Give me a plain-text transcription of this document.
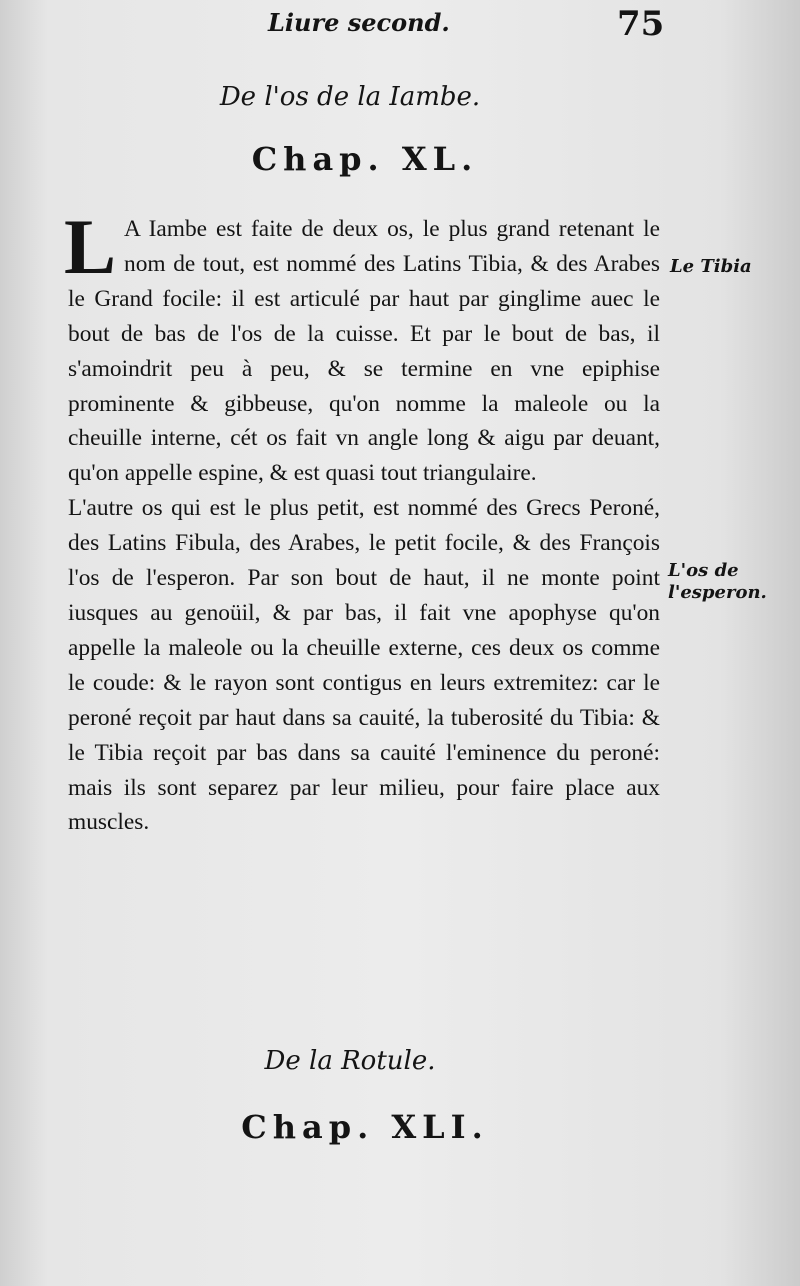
Liure second.	75
De l'os de la Iambe.
Chap. XL.

L A Iambe est faite de deux os, le plus grand retenant le nom de tout, est nommé des Latins Tibia, & des Arabes le Grand focile: il est articulé par haut par ginglime auec le bout de bas de l'os de la cuisse. Et par le bout de bas, il s'amoindrit peu à peu, & se termine en vne epiphise prominente & gibbeuse, qu'on nomme la maleole ou la cheuille interne, cét os fait vn angle long & aigu par deuant, qu'on appelle espine, & est quasi tout triangulaire.

L'autre os qui est le plus petit, est nommé des Grecs Peroné, des Latins Fibula, des Arabes, le petit focile, & des François l'os de l'esperon. Par son bout de haut, il ne monte point iusques au genoüil, & par bas, il fait vne apophyse qu'on appelle la maleole ou la cheuille externe, ces deux os comme le coude: & le rayon sont contigus en leurs extremitez: car le peroné reçoit par haut dans sa cauité, la tuberosité du Tibia: & le Tibia reçoit par bas dans sa cauité l'eminence du peroné: mais ils sont separez par leur milieu, pour faire place aux muscles.

Le Tibia
L'os de l'esperon.
De la Rotule.
Chap. XLI.
